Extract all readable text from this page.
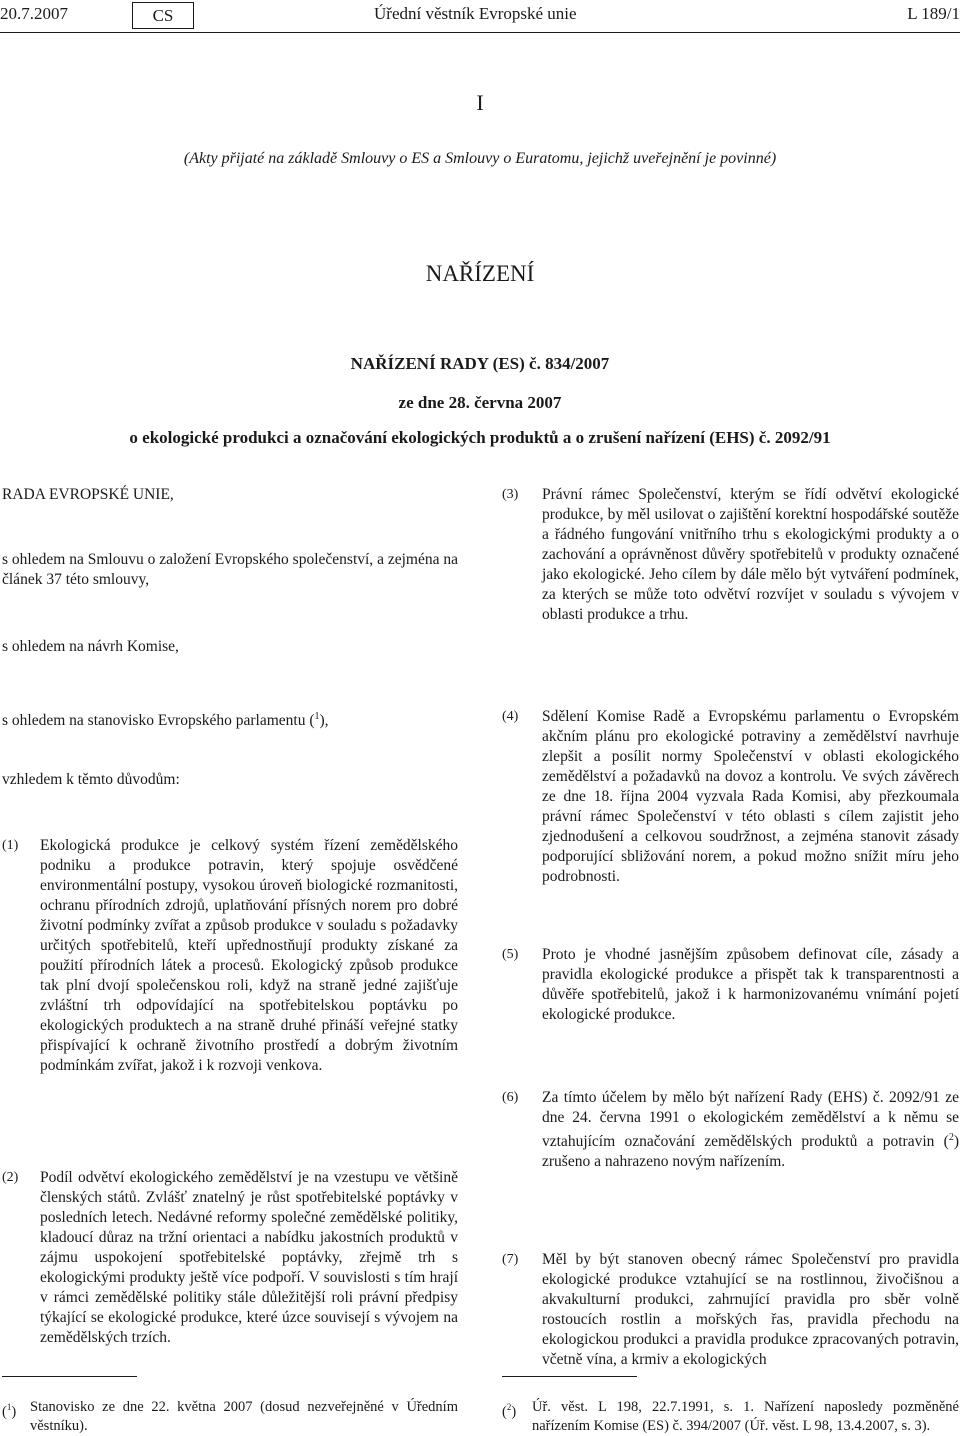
20.7.2007	CS	Úřední věstník Evropské unie	L 189/1
I
(Akty přijaté na základě Smlouvy o ES a Smlouvy o Euratomu, jejichž uveřejnění je povinné)
NAŘÍZENÍ
NAŘÍZENÍ RADY (ES) č. 834/2007
ze dne 28. června 2007
o ekologické produkci a označování ekologických produktů a o zrušení nařízení (EHS) č. 2092/91
RADA EVROPSKÉ UNIE,
s ohledem na Smlouvu o založení Evropského společenství, a zejména na článek 37 této smlouvy,
s ohledem na návrh Komise,
s ohledem na stanovisko Evropského parlamentu ($^1$),
vzhledem k těmto důvodům:
(1) Ekologická produkce je celkový systém řízení zemědělského podniku a produkce potravin, který spojuje osvědčené environmentální postupy, vysokou úroveň biologické rozmanitosti, ochranu přírodních zdrojů, uplatňování přísných norem pro dobré životní podmínky zvířat a způsob produkce v souladu s požadavky určitých spotřebitelů, kteří upřednostňují produkty získané za použití přírodních látek a procesů. Ekologický způsob produkce tak plní dvojí společenskou roli, když na straně jedné zajišťuje zvláštní trh odpovídající na spotřebitelskou poptávku po ekologických produktech a na straně druhé přináší veřejné statky přispívající k ochraně životního prostředí a dobrým životním podmínkám zvířat, jakož i k rozvoji venkova.
(2) Podíl odvětví ekologického zemědělství je na vzestupu ve většině členských států. Zvlášť znatelný je růst spotřebitelské poptávky v posledních letech. Nedávné reformy společné zemědělské politiky, kladoucí důraz na tržní orientaci a nabídku jakostních produktů v zájmu uspokojení spotřebitelské poptávky, zřejmě trh s ekologickými produkty ještě více podpoří. V souvislosti s tím hrají v rámci zemědělské politiky stále důležitější roli právní předpisy týkající se ekologické produkce, které úzce souvisejí s vývojem na zemědělských trzích.
(3) Právní rámec Společenství, kterým se řídí odvětví ekologické produkce, by měl usilovat o zajištění korektní hospodářské soutěže a řádného fungování vnitřního trhu s ekologickými produkty a o zachování a oprávněnost důvěry spotřebitelů v produkty označené jako ekologické. Jeho cílem by dále mělo být vytváření podmínek, za kterých se může toto odvětví rozvíjet v souladu s vývojem v oblasti produkce a trhu.
(4) Sdělení Komise Radě a Evropskému parlamentu o Evropském akčním plánu pro ekologické potraviny a zemědělství navrhuje zlepšit a posílit normy Společenství v oblasti ekologického zemědělství a požadavků na dovoz a kontrolu. Ve svých závěrech ze dne 18. října 2004 vyzvala Rada Komisi, aby přezkoumala právní rámec Společenství v této oblasti s cílem zajistit jeho zjednodušení a celkovou soudržnost, a zejména stanovit zásady podporující sbližování norem, a pokud možno snížit míru jeho podrobnosti.
(5) Proto je vhodné jasnějším způsobem definovat cíle, zásady a pravidla ekologické produkce a přispět tak k transparentnosti a důvěře spotřebitelů, jakož i k harmonizovanému vnímání pojetí ekologické produkce.
(6) Za tímto účelem by mělo být nařízení Rady (EHS) č. 2092/91 ze dne 24. června 1991 o ekologickém zemědělství a k němu se vztahujícím označování zemědělských produktů a potravin ($^2$) zrušeno a nahrazeno novým nařízením.
(7) Měl by být stanoven obecný rámec Společenství pro pravidla ekologické produkce vztahující se na rostlinnou, živočišnou a akvakulturní produkci, zahrnující pravidla pro sběr volně rostoucích rostlin a mořských řas, pravidla přechodu na ekologickou produkci a pravidla produkce zpracovaných potravin, včetně vína, a krmiv a ekologických
($^1$) Stanovisko ze dne 22. května 2007 (dosud nezveřejněné v Úředním věstníku).
($^2$) Úř. věst. L 198, 22.7.1991, s. 1. Nařízení naposledy pozměněné nařízením Komise (ES) č. 394/2007 (Úř. věst. L 98, 13.4.2007, s. 3).
